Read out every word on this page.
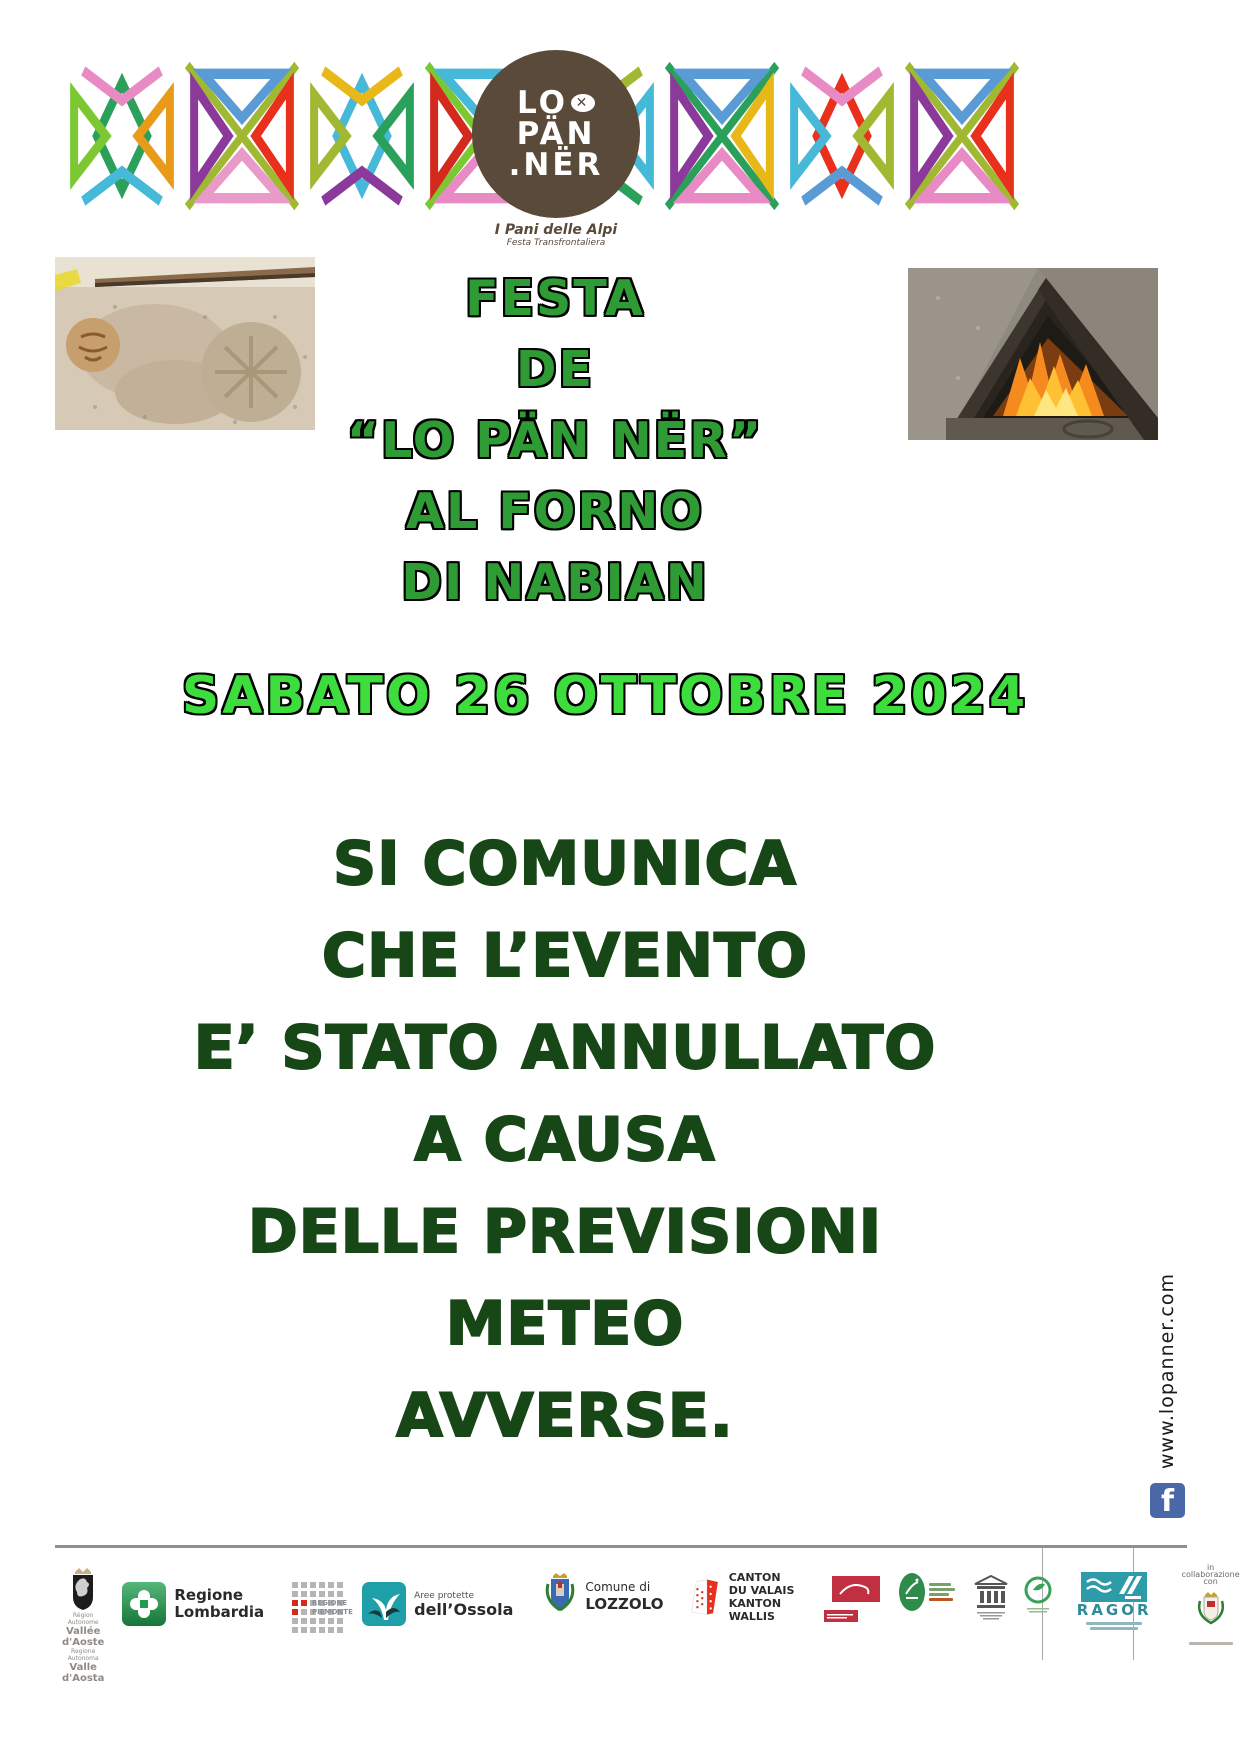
LO ✕
PÄN
.NËR
I Pani delle Alpi
Festa Transfrontaliera
FESTA
DE
“LO PÄN NËR”
AL FORNO
DI NABIAN
SABATO 26 OTTOBRE 2024
SI COMUNICA
CHE L’EVENTO
E’ STATO ANNULLATO
A CAUSA
DELLE PREVISIONI
METEO
AVVERSE.	www.lopanner.com
f
Région Autonome
Vallée d'Aoste
Regione Autonoma
Valle d'Aosta
Regione
Lombardia	REGIONE
PIEMONTE
Aree protette
dell’Ossola
Comune di
LOZZOLO
CANTON DU VALAIS
KANTON WALLIS	RAGOR
in collaborazione con
